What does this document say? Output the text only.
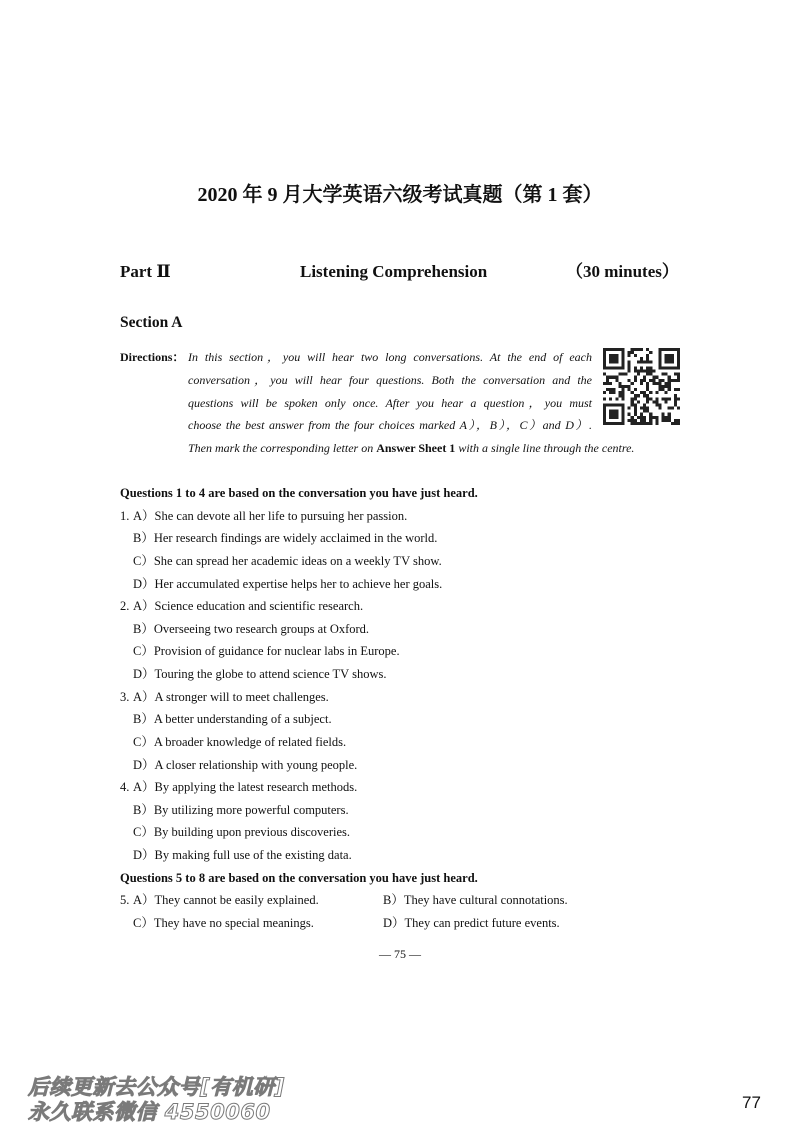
2020 年 9 月大学英语六级考试真题（第 1 套）
Part Ⅱ	Listening Comprehension	（30 minutes）
Section A
Directions： In this section，you will hear two long conversations. At the end of each
conversation，you will hear four questions. Both the conversation and the
questions will be spoken only once. After you hear a question，you must
choose the best answer from the four choices marked A），B），C）and D）.
Then mark the corresponding letter on Answer Sheet 1 with a single line through the centre.
Questions 1 to 4 are based on the conversation you have just heard.
1. A）She can devote all her life to pursuing her passion.
B）Her research findings are widely acclaimed in the world.
C）She can spread her academic ideas on a weekly TV show.
D）Her accumulated expertise helps her to achieve her goals.
2. A）Science education and scientific research.
B）Overseeing two research groups at Oxford.
C）Provision of guidance for nuclear labs in Europe.
D）Touring the globe to attend science TV shows.
3. A）A stronger will to meet challenges.
B）A better understanding of a subject.
C）A broader knowledge of related fields.
D）A closer relationship with young people.
4. A）By applying the latest research methods.
B）By utilizing more powerful computers.
C）By building upon previous discoveries.
D）By making full use of the existing data.
Questions 5 to 8 are based on the conversation you have just heard.
5. A）They cannot be easily explained.	B）They have cultural connotations.
C）They have no special meanings.	D）They can predict future events.
— 75 —
后续更新去公众号[有机研]
永久联系微信 4550060	77
